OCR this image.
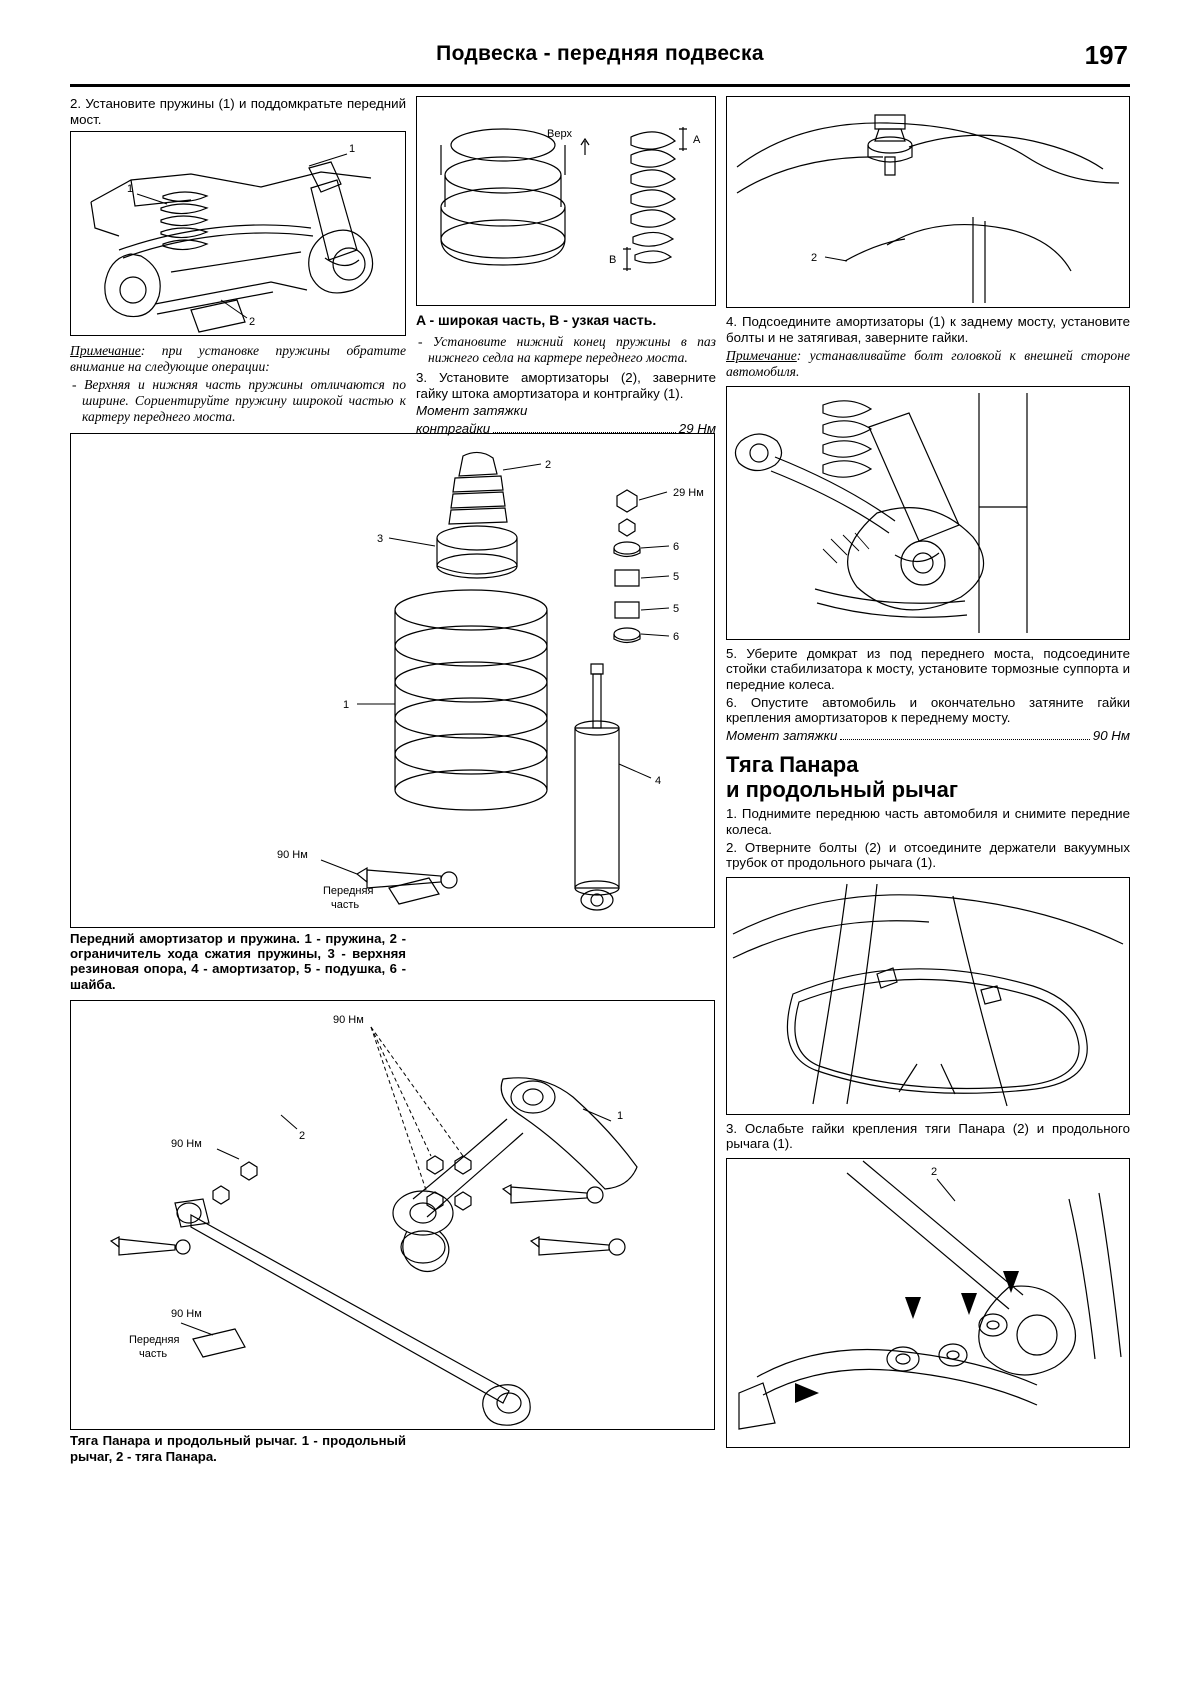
Подвеска - передняя подвеска	197

2. Установите пружины (1) и поддомкратьте передний мост.

1
1
2

Примечание: при установке пружины обратите внимание на следующие операции:

- Верхняя и нижняя часть пружины отличаются по ширине. Сориентируйте пружину широкой частью к картеру переднего моста.

2
3
1
4
29 Нм
6
5
5
6
90 Нм
Передняя
часть

Передний амортизатор и пружина. 1 - пружина, 2 - ограничитель хода сжатия пружины, 3 - верхняя резиновая опора, 4 - амортизатор, 5 - подушка, 6 - шайба.

90 Нм
90 Нм
90 Нм
1
2
Передняя
часть

Тяга Панара и продольный рычаг. 1 - продольный рычаг, 2 - тяга Панара.

Верх	A
B

A - широкая часть, B - узкая часть.

- Установите нижний конец пружины в паз нижнего седла на картере переднего моста.

3. Установите амортизаторы (2), заверните гайку штока амортизатора и контргайку (1).

Момент затяжки

контргайки	29 Нм

2

4. Подсоедините амортизаторы (1) к заднему мосту, установите болты и не затягивая, заверните гайки.

Примечание: устанавливайте болт головкой к внешней стороне автомобиля.

5. Уберите домкрат из под переднего моста, подсоедините стойки стабилизатора к мосту, установите тормозные суппорта и передние колеса.

6. Опустите автомобиль и окончательно затяните гайки крепления амортизаторов к переднему мосту.

Момент затяжки	90 Нм

Тяга Панара
и продольный рычаг

1. Поднимите переднюю часть автомобиля и снимите передние колеса.

2. Отверните болты (2) и отсоедините держатели вакуумных трубок от продольного рычага (1).

3. Ослабьте гайки крепления тяги Панара (2) и продольного рычага (1).

2
